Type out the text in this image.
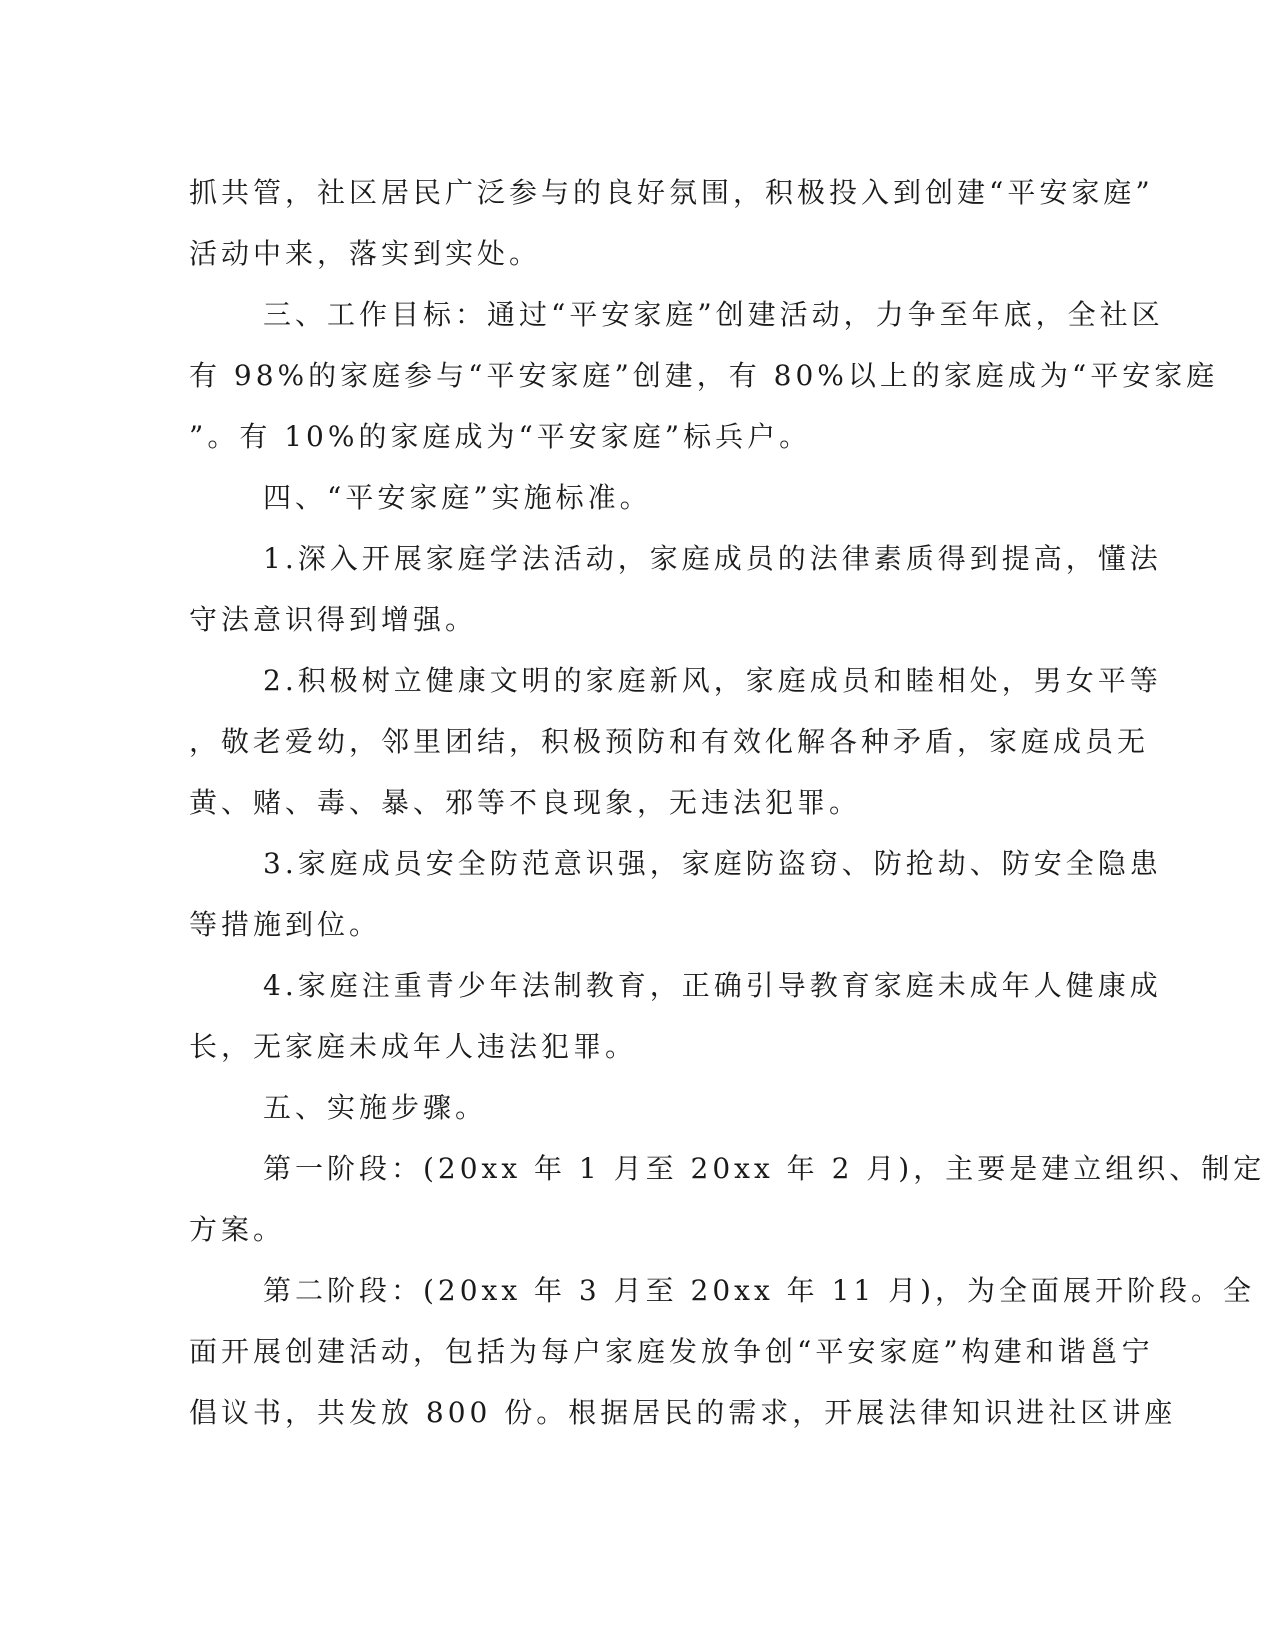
抓共管，社区居民广泛参与的良好氛围，积极投入到创建“平安家庭”
活动中来，落实到实处。
三、工作目标：通过“平安家庭”创建活动，力争至年底，全社区
有 98%的家庭参与“平安家庭”创建，有 80%以上的家庭成为“平安家庭
”。有 10%的家庭成为“平安家庭”标兵户。
四、“平安家庭”实施标准。
1.深入开展家庭学法活动，家庭成员的法律素质得到提高，懂法
守法意识得到增强。
2.积极树立健康文明的家庭新风，家庭成员和睦相处，男女平等
，敬老爱幼，邻里团结，积极预防和有效化解各种矛盾，家庭成员无
黄、赌、毒、暴、邪等不良现象，无违法犯罪。
3.家庭成员安全防范意识强，家庭防盗窃、防抢劫、防安全隐患
等措施到位。
4.家庭注重青少年法制教育，正确引导教育家庭未成年人健康成
长，无家庭未成年人违法犯罪。
五、实施步骤。
第一阶段：(20xx 年 1 月至 20xx 年 2 月)，主要是建立组织、制定
方案。
第二阶段：(20xx 年 3 月至 20xx 年 11 月)，为全面展开阶段。全
面开展创建活动，包括为每户家庭发放争创“平安家庭”构建和谐邕宁
倡议书，共发放 800 份。根据居民的需求，开展法律知识进社区讲座
